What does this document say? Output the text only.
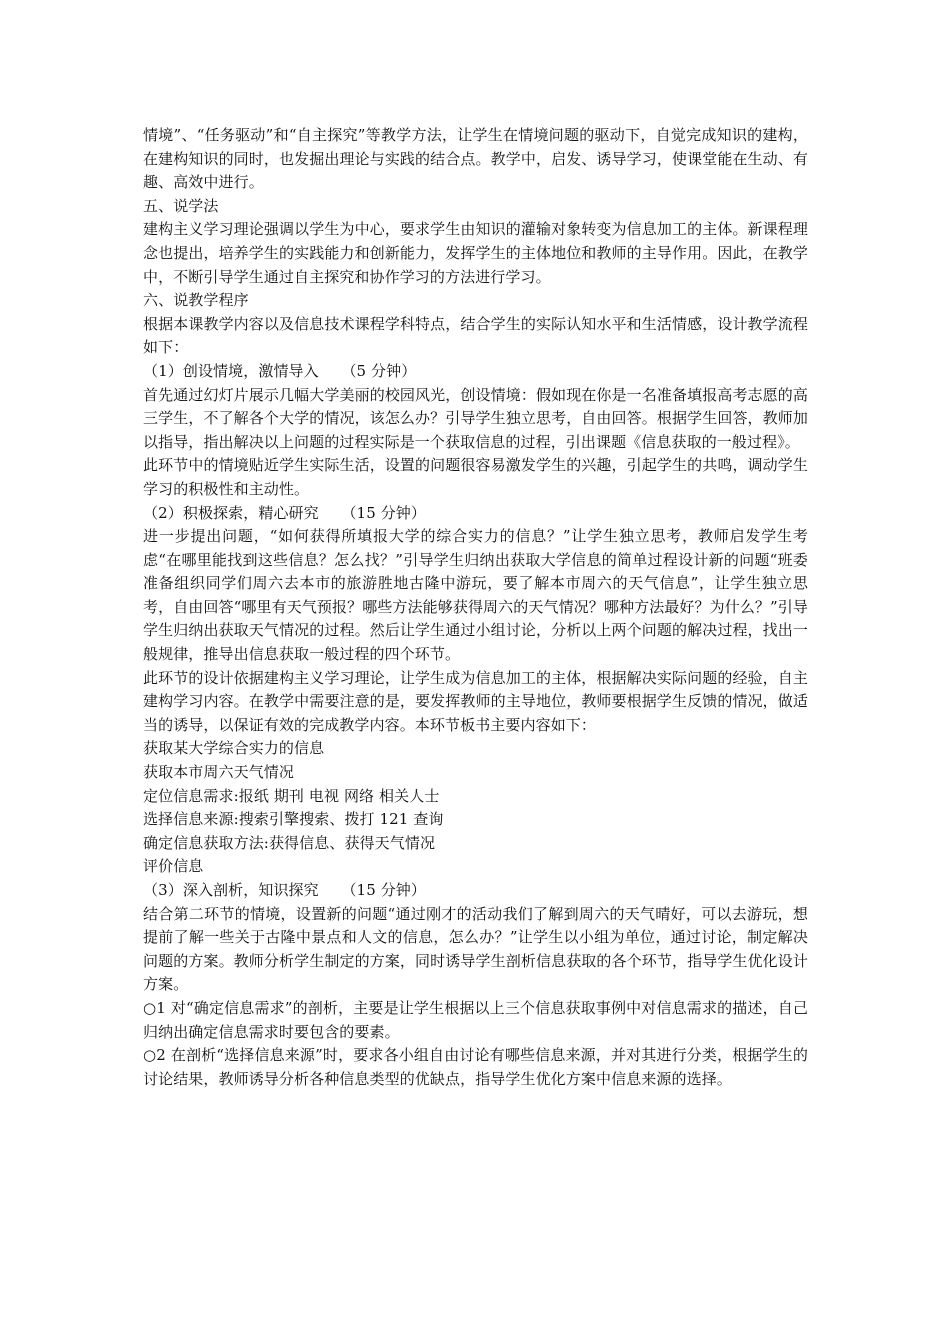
情境”、“任务驱动”和“自主探究”等教学方法，让学生在情境问题的驱动下，自觉完成知识的建构，在建构知识的同时，也发掘出理论与实践的结合点。教学中，启发、诱导学习，使课堂能在生动、有趣、高效中进行。

五、说学法

建构主义学习理论强调以学生为中心，要求学生由知识的灌输对象转变为信息加工的主体。新课程理念也提出，培养学生的实践能力和创新能力，发挥学生的主体地位和教师的主导作用。因此，在教学中，不断引导学生通过自主探究和协作学习的方法进行学习。

六、说教学程序

根据本课教学内容以及信息技术课程学科特点，结合学生的实际认知水平和生活情感，设计教学流程如下：

（1）创设情境，激情导入　　（5 分钟）

首先通过幻灯片展示几幅大学美丽的校园风光，创设情境：假如现在你是一名准备填报高考志愿的高三学生，不了解各个大学的情况，该怎么办？引导学生独立思考，自由回答。根据学生回答，教师加以指导，指出解决以上问题的过程实际是一个获取信息的过程，引出课题《信息获取的一般过程》。

此环节中的情境贴近学生实际生活，设置的问题很容易激发学生的兴趣，引起学生的共鸣，调动学生学习的积极性和主动性。

（2）积极探索，精心研究　　（15 分钟）

进一步提出问题，“如何获得所填报大学的综合实力的信息？”让学生独立思考，教师启发学生考虑“在哪里能找到这些信息？怎么找？”引导学生归纳出获取大学信息的简单过程设计新的问题“班委准备组织同学们周六去本市的旅游胜地古隆中游玩，要了解本市周六的天气信息”，让学生独立思考，自由回答“哪里有天气预报？哪些方法能够获得周六的天气情况？哪种方法最好？为什么？”引导学生归纳出获取天气情况的过程。然后让学生通过小组讨论，分析以上两个问题的解决过程，找出一般规律，推导出信息获取一般过程的四个环节。

此环节的设计依据建构主义学习理论，让学生成为信息加工的主体，根据解决实际问题的经验，自主建构学习内容。在教学中需要注意的是，要发挥教师的主导地位，教师要根据学生反馈的情况，做适当的诱导，以保证有效的完成教学内容。本环节板书主要内容如下：

获取某大学综合实力的信息

获取本市周六天气情况

定位信息需求:报纸 期刊 电视 网络 相关人士

选择信息来源:搜索引擎搜索、拨打 121 查询

确定信息获取方法:获得信息、获得天气情况

评价信息

（3）深入剖析，知识探究　　（15 分钟）

结合第二环节的情境，设置新的问题“通过刚才的活动我们了解到周六的天气晴好，可以去游玩，想提前了解一些关于古隆中景点和人文的信息，怎么办？”让学生以小组为单位，通过讨论，制定解决问题的方案。教师分析学生制定的方案，同时诱导学生剖析信息获取的各个环节，指导学生优化设计方案。

○1 对“确定信息需求”的剖析，主要是让学生根据以上三个信息获取事例中对信息需求的描述，自己归纳出确定信息需求时要包含的要素。

○2 在剖析“选择信息来源”时，要求各小组自由讨论有哪些信息来源，并对其进行分类，根据学生的讨论结果，教师诱导分析各种信息类型的优缺点，指导学生优化方案中信息来源的选择。
